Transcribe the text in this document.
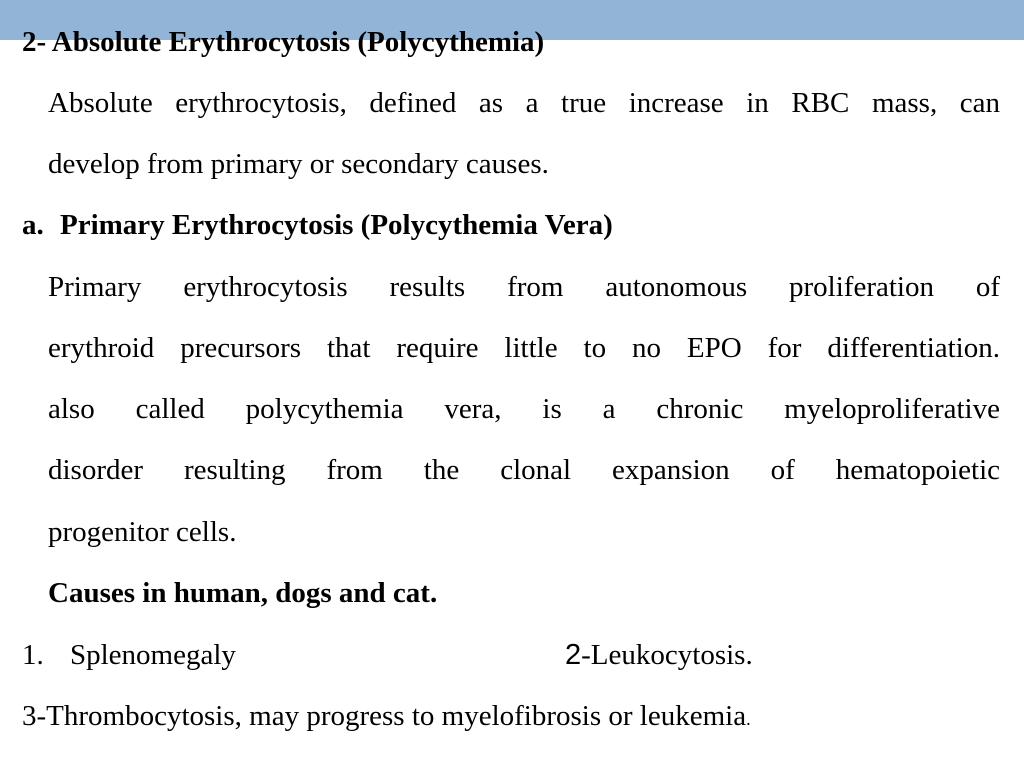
2- Absolute Erythrocytosis (Polycythemia)
Absolute erythrocytosis, defined as a true increase in RBC mass, can
develop from primary or secondary causes.
a. Primary Erythrocytosis (Polycythemia Vera)
Primary erythrocytosis results from autonomous proliferation of
erythroid precursors that require little to no EPO for differentiation.
also called polycythemia vera, is a chronic myeloproliferative
disorder resulting from the clonal expansion of hematopoietic
progenitor cells.
Causes in human, dogs and cat.
1. Splenomegaly	2-Leukocytosis.
3-Thrombocytosis, may progress to myelofibrosis or leukemia.
